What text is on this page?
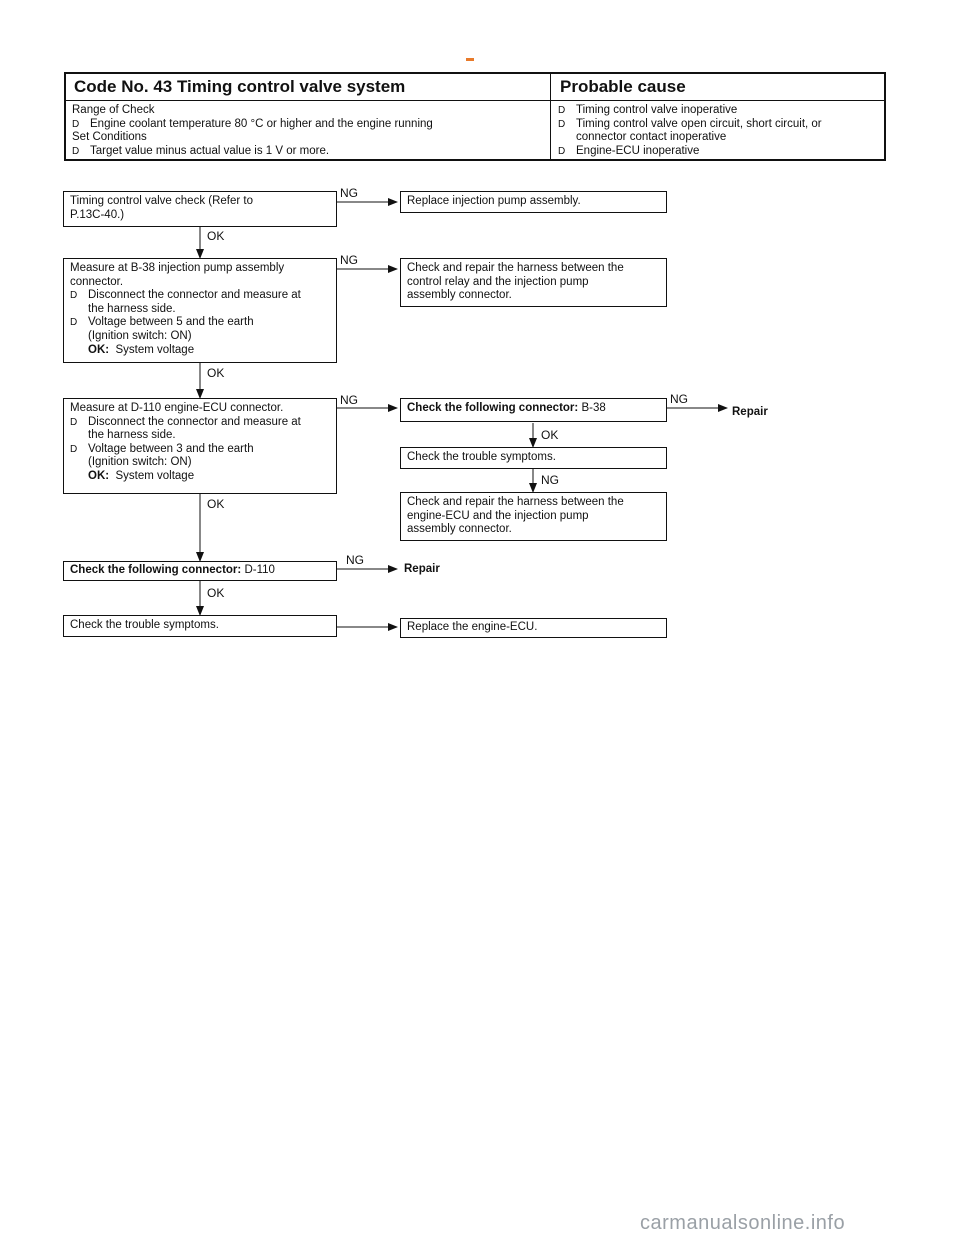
Code No. 43 Timing control valve system	Probable cause
Range of Check
D Engine coolant temperature 80 °C or higher and the engine running
Set Conditions
D Target value minus actual value is 1 V or more.
D Timing control valve inoperative
D Timing control valve open circuit, short circuit, or
connector contact inoperative
D Engine-ECU inoperative
NG
OK
NG
OK
NG	NG
OK
NG
OK
NG
OK
Repair
Repair
Timing control valve check (Refer to
P.13C-40.)
Replace injection pump assembly.
Measure at B-38 injection pump assembly
connector.
D Disconnect the connector and measure at
the harness side.
D Voltage between 5 and the earth
(Ignition switch: ON)
OK: System voltage
Check and repair the harness between the
control relay and the injection pump
assembly connector.
Measure at D-110 engine-ECU connector.
D Disconnect the connector and measure at
the harness side.
D Voltage between 3 and the earth
(Ignition switch: ON)
OK: System voltage
Check the following connector: B-38
Check the trouble symptoms.
Check and repair the harness between the
engine-ECU and the injection pump
assembly connector.
Check the following connector: D-110
Check the trouble symptoms.	Replace the engine-ECU.
carmanualsonline.info
